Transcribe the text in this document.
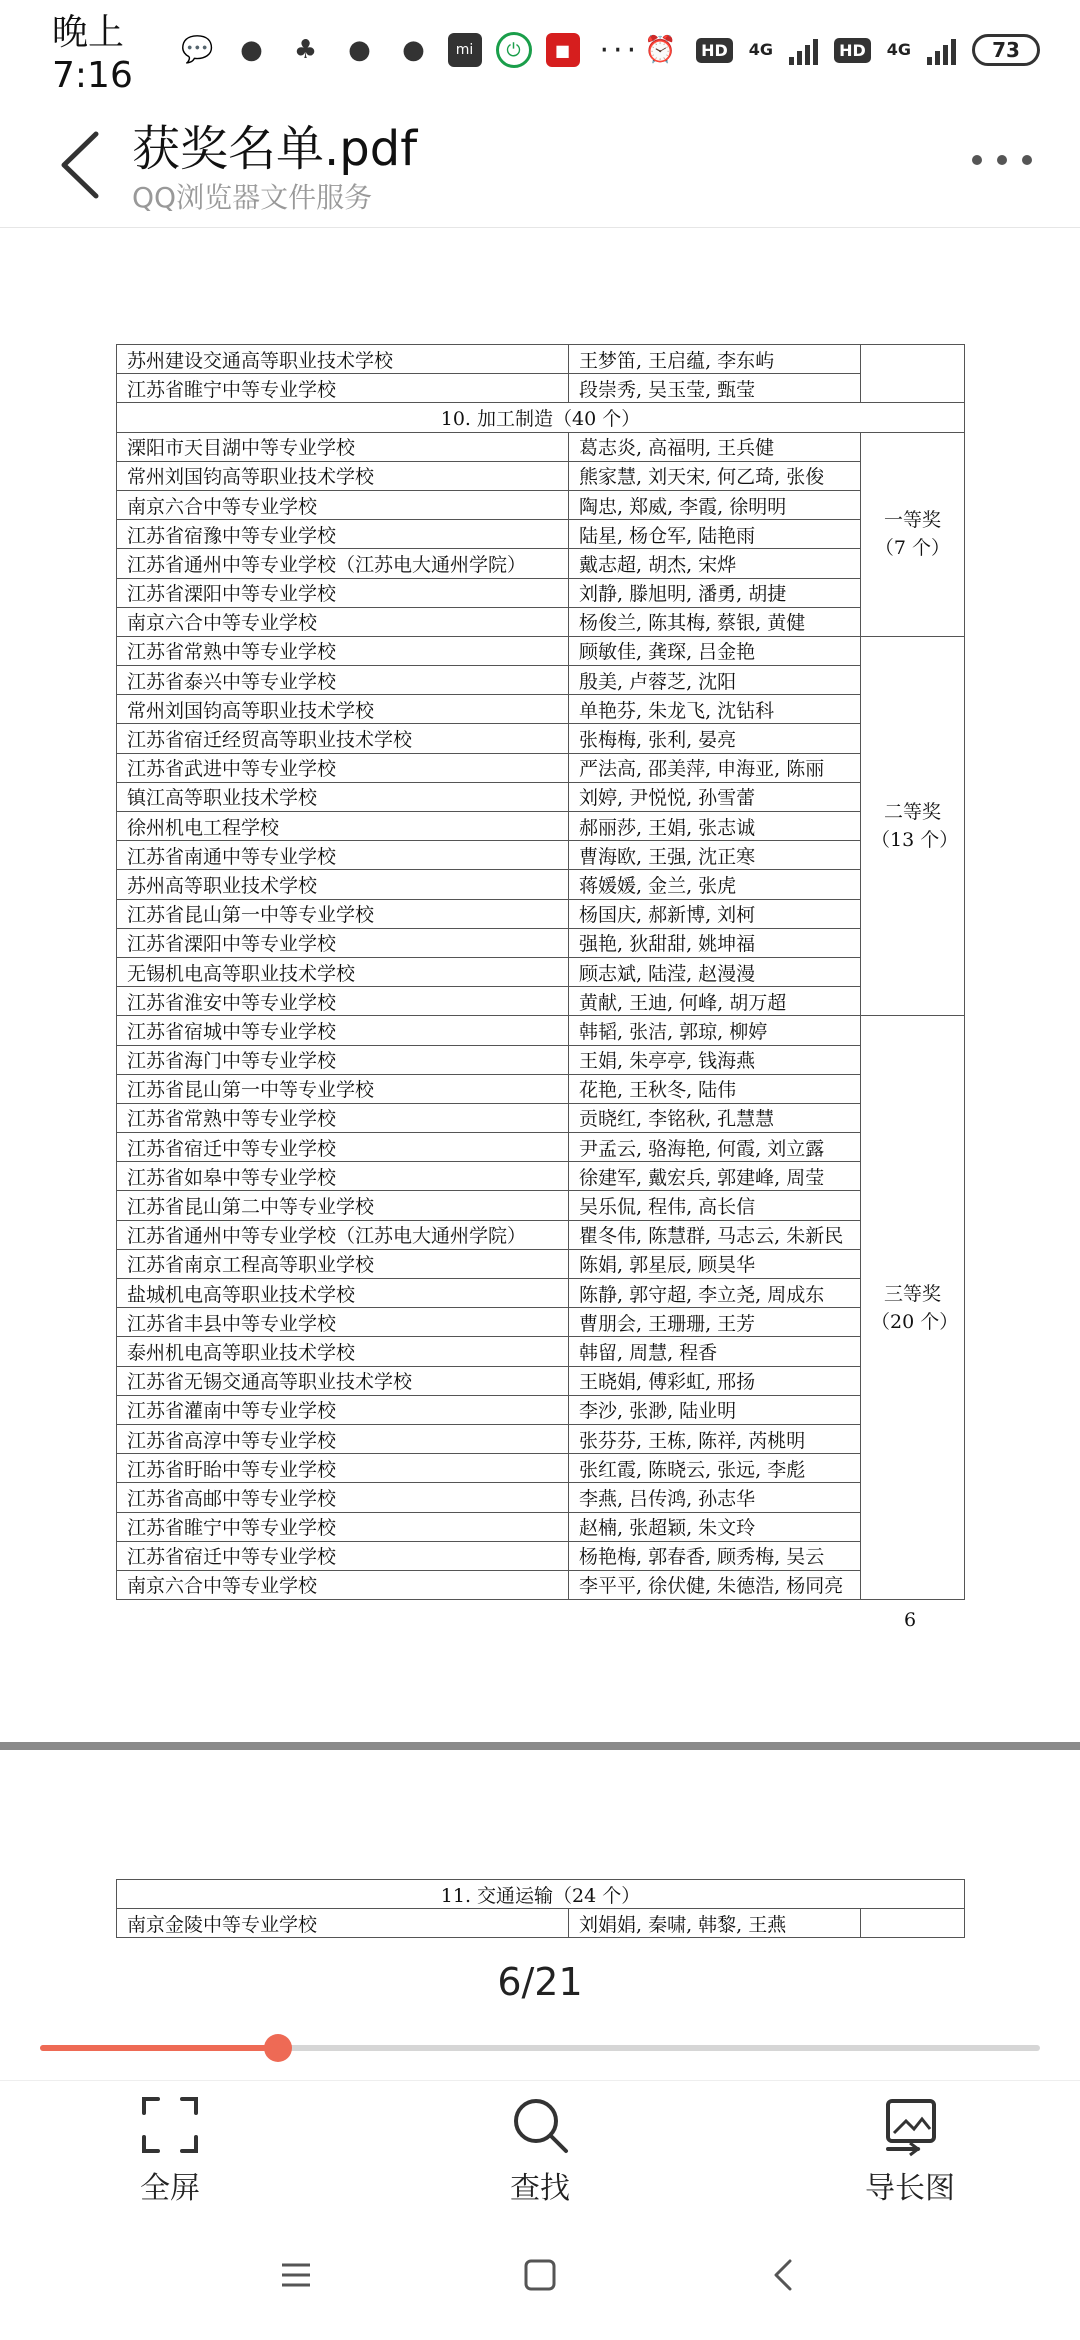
晚上7:16
💬	●	♣	●	●	mi	⏻	■ ··· ⏰	HD	4G	HD	4G	73
获奖名单.pdf
QQ浏览器文件服务
苏州建设交通高等职业技术学校	王梦笛, 王启蕴, 李东屿	
江苏省睢宁中等专业学校	段崇秀, 吴玉莹, 甄莹	
10. 加工制造（40 个）		
溧阳市天目湖中等专业学校	葛志炎, 高福明, 王兵健	一等奖
（7 个）

常州刘国钧高等职业技术学校	熊家慧, 刘天宋, 何乙琦, 张俊	
南京六合中等专业学校	陶忠, 郑威, 李霞, 徐明明	
江苏省宿豫中等专业学校	陆星, 杨仓军, 陆艳雨	
江苏省通州中等专业学校（江苏电大通州学院）	戴志超, 胡杰, 宋烨	
江苏省溧阳中等专业学校	刘静, 滕旭明, 潘勇, 胡捷	
南京六合中等专业学校	杨俊兰, 陈其梅, 蔡银, 黄健	
江苏省常熟中等专业学校	顾敏佳, 龚琛, 吕金艳	二等奖
（13 个）

江苏省泰兴中等专业学校	殷美, 卢蓉芝, 沈阳	
常州刘国钧高等职业技术学校	单艳芬, 朱龙飞, 沈钻科	
江苏省宿迁经贸高等职业技术学校	张梅梅, 张利, 晏亮	
江苏省武进中等专业学校	严法高, 邵美萍, 申海亚, 陈丽	
镇江高等职业技术学校	刘婷, 尹悦悦, 孙雪蕾	
徐州机电工程学校	郝丽莎, 王娟, 张志诚	
江苏省南通中等专业学校	曹海欧, 王强, 沈正寒	
苏州高等职业技术学校	蒋媛媛, 金兰, 张虎	
江苏省昆山第一中等专业学校	杨国庆, 郝新博, 刘柯	
江苏省溧阳中等专业学校	强艳, 狄甜甜, 姚坤福	
无锡机电高等职业技术学校	顾志斌, 陆滢, 赵漫漫	
江苏省淮安中等专业学校	黄献, 王迪, 何峰, 胡万超	
江苏省宿城中等专业学校	韩韬, 张洁, 郭琼, 柳婷	三等奖
（20 个）

江苏省海门中等专业学校	王娟, 朱亭亭, 钱海燕	
江苏省昆山第一中等专业学校	花艳, 王秋冬, 陆伟	
江苏省常熟中等专业学校	贡晓红, 李铭秋, 孔慧慧	
江苏省宿迁中等专业学校	尹孟云, 骆海艳, 何霞, 刘立露	
江苏省如皋中等专业学校	徐建军, 戴宏兵, 郭建峰, 周莹	
江苏省昆山第二中等专业学校	吴乐侃, 程伟, 高长信	
江苏省通州中等专业学校（江苏电大通州学院）	瞿冬伟, 陈慧群, 马志云, 朱新民	
江苏省南京工程高等职业学校	陈娟, 郭星辰, 顾昊华	
盐城机电高等职业技术学校	陈静, 郭守超, 李立尧, 周成东	
江苏省丰县中等专业学校	曹朋会, 王珊珊, 王芳	
泰州机电高等职业技术学校	韩留, 周慧, 程香	
江苏省无锡交通高等职业技术学校	王晓娟, 傅彩虹, 邢扬	
江苏省灌南中等专业学校	李沙, 张渺, 陆业明	
江苏省高淳中等专业学校	张芬芬, 王栋, 陈祥, 芮桃明	
江苏省盱眙中等专业学校	张红霞, 陈晓云, 张远, 李彪	
江苏省高邮中等专业学校	李燕, 吕传鸿, 孙志华	
江苏省睢宁中等专业学校	赵楠, 张超颖, 朱文玲	
江苏省宿迁中等专业学校	杨艳梅, 郭春香, 顾秀梅, 吴云	
南京六合中等专业学校	李平平, 徐伏健, 朱德浩, 杨同亮	
6
11. 交通运输（24 个）
南京金陵中等专业学校	刘娟娟, 秦啸, 韩黎, 王燕	
6/21
全屏	查找	导长图
